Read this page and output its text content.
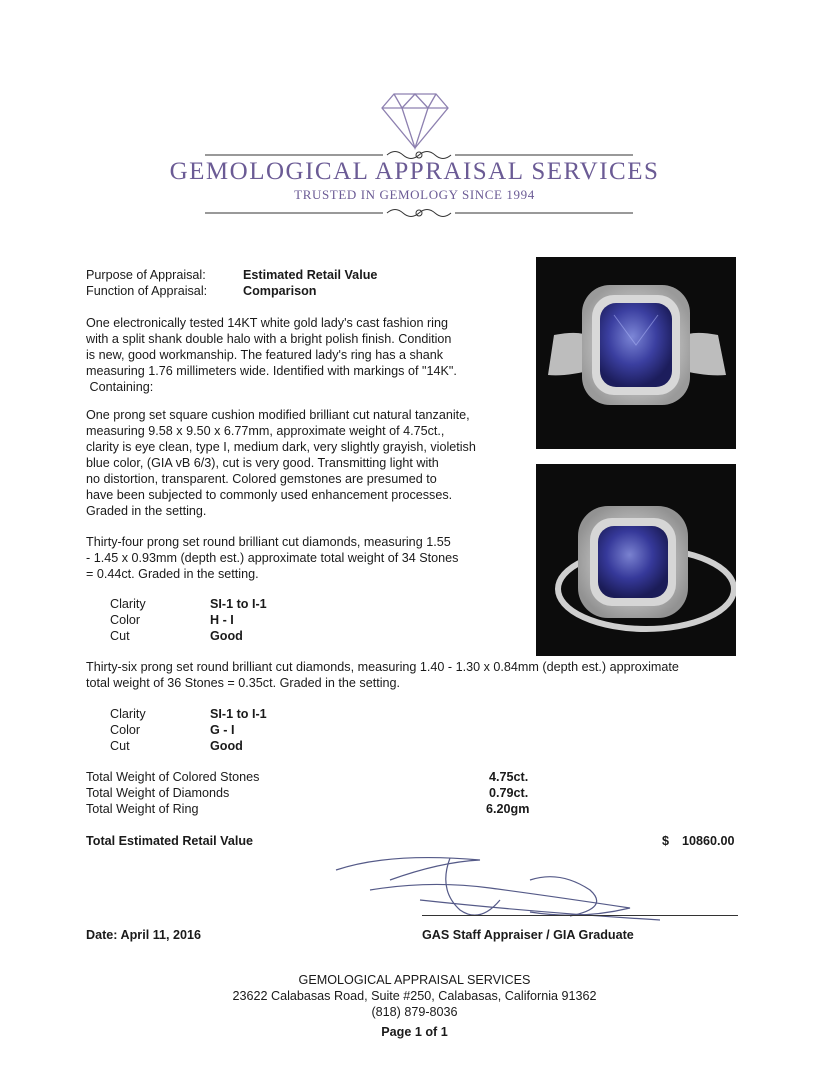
GEMOLOGICAL APPRAISAL SERVICES
TRUSTED IN GEMOLOGY SINCE 1994
Purpose of Appraisal:	Estimated Retail Value
Function of Appraisal:	Comparison
One electronically tested 14KT white gold lady's cast fashion ring
with a split shank double halo with a bright polish finish. Condition
is new, good workmanship. The featured lady's ring has a shank
measuring 1.76 millimeters wide. Identified with markings of "14K".
Containing:
One prong set square cushion modified brilliant cut natural tanzanite,
measuring 9.58 x 9.50 x 6.77mm, approximate weight of 4.75ct.,
clarity is eye clean, type I, medium dark, very slightly grayish, violetish
blue color, (GIA vB 6/3), cut is very good. Transmitting light with
no distortion, transparent. Colored gemstones are presumed to
have been subjected to commonly used enhancement processes.
Graded in the setting.
Thirty-four prong set round brilliant cut diamonds, measuring 1.55
- 1.45 x 0.93mm (depth est.) approximate total weight of 34 Stones
= 0.44ct. Graded in the setting.
Clarity	SI-1 to I-1
Color	H - I
Cut	Good
Thirty-six prong set round brilliant cut diamonds, measuring 1.40 - 1.30 x 0.84mm (depth est.) approximate
total weight of 36 Stones = 0.35ct. Graded in the setting.
Clarity	SI-1 to I-1
Color	G - I
Cut	Good
Total Weight of Colored Stones	4.75ct.
Total Weight of Diamonds	0.79ct.
Total Weight of Ring	6.20gm
Total Estimated Retail Value	$ 10860.00
Date: April 11, 2016	GAS Staff Appraiser / GIA Graduate
GEMOLOGICAL APPRAISAL SERVICES
23622 Calabasas Road, Suite #250, Calabasas, California 91362
(818) 879-8036
Page 1 of 1
